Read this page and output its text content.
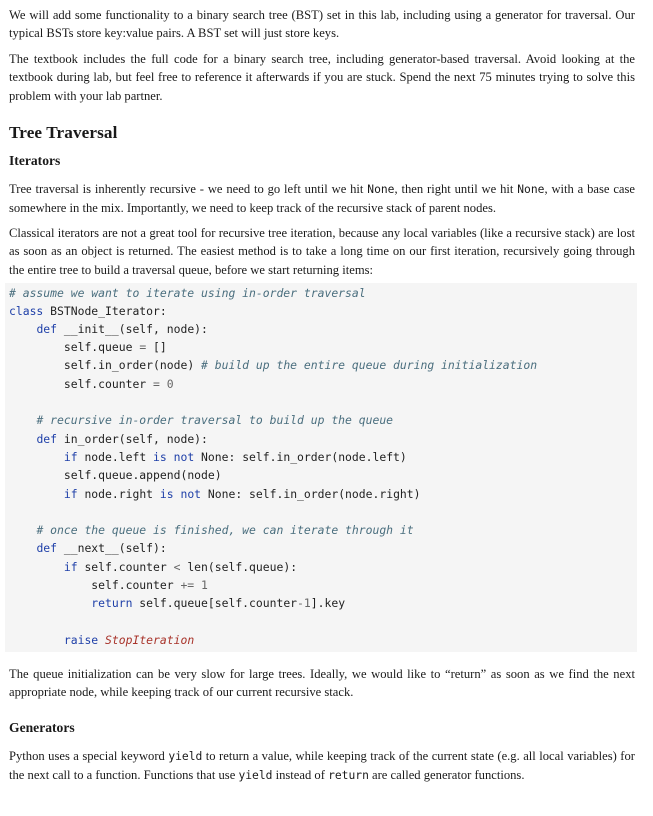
We will add some functionality to a binary search tree (BST) set in this lab, including using a generator for traversal. Our typical BSTs store key:value pairs. A BST set will just store keys.

The textbook includes the full code for a binary search tree, including generator-based traversal. Avoid looking at the textbook during lab, but feel free to reference it afterwards if you are stuck. Spend the next 75 minutes trying to solve this problem with your lab partner.

Tree Traversal
Iterators

Tree traversal is inherently recursive - we need to go left until we hit None, then right until we hit None, with a base case somewhere in the mix. Importantly, we need to keep track of the recursive stack of parent nodes.

Classical iterators are not a great tool for recursive tree iteration, because any local variables (like a recursive stack) are lost as soon as an object is returned. The easiest method is to take a long time on our first iteration, recursively going through the entire tree to build a traversal queue, before we start returning items:

# assume we want to iterate using in-order traversal
class BSTNode_Iterator:
def __init__(self, node):
self.queue = []
self.in_order(node) # build up the entire queue during initialization
self.counter = 0
# recursive in-order traversal to build up the queue
def in_order(self, node):
if node.left is not None: self.in_order(node.left)
self.queue.append(node)
if node.right is not None: self.in_order(node.right)
# once the queue is finished, we can iterate through it
def __next__(self):
if self.counter < len(self.queue):
self.counter += 1
return self.queue[self.counter-1].key
raise StopIteration

The queue initialization can be very slow for large trees. Ideally, we would like to “return” as soon as we find the next appropriate node, while keeping track of our current recursive stack.

Generators

Python uses a special keyword yield to return a value, while keeping track of the current state (e.g. all local variables) for the next call to a function. Functions that use yield instead of return are called generator functions.
